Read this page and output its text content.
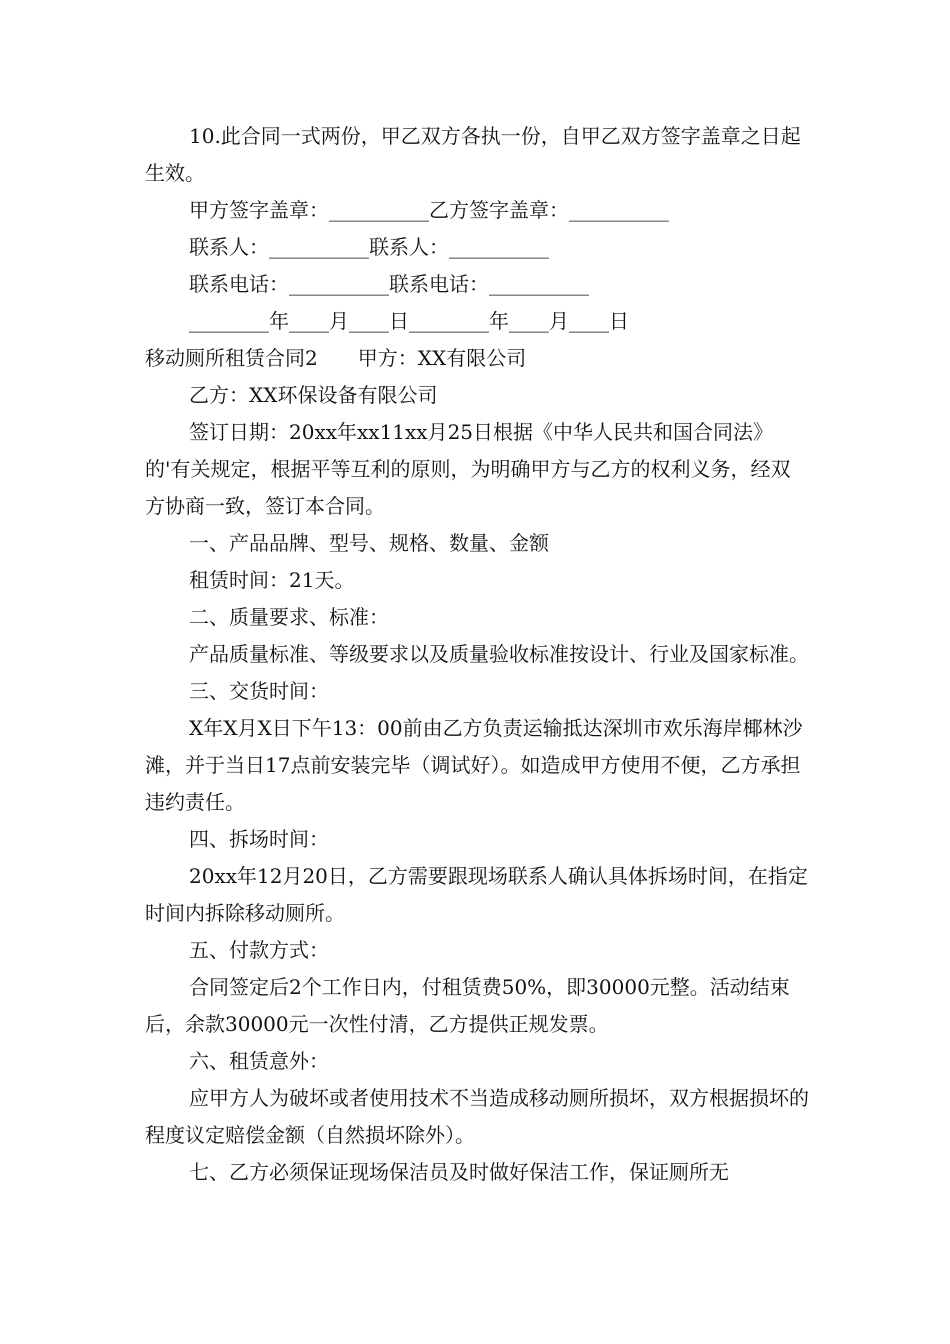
10.此合同一式两份，甲乙双方各执一份，自甲乙双方签字盖章之日起生效。

甲方签字盖章：__________乙方签字盖章：__________

联系人：__________联系人：__________

联系电话：__________联系电话：__________

________年____月____日________年____月____日

移动厕所租赁合同2　　甲方：XX有限公司

乙方：XX环保设备有限公司

签订日期：20xx年xx11xx月25日根据《中华人民共和国合同法》的'有关规定，根据平等互利的原则，为明确甲方与乙方的权利义务，经双方协商一致，签订本合同。

一、产品品牌、型号、规格、数量、金额

租赁时间：21天。

二、质量要求、标准：

产品质量标准、等级要求以及质量验收标准按设计、行业及国家标准。

三、交货时间：

X年X月X日下午13：00前由乙方负责运输抵达深圳市欢乐海岸椰林沙滩，并于当日17点前安装完毕（调试好）。如造成甲方使用不便，乙方承担违约责任。

四、拆场时间：

20xx年12月20日，乙方需要跟现场联系人确认具体拆场时间，在指定时间内拆除移动厕所。

五、付款方式：

合同签定后2个工作日内，付租赁费50%，即30000元整。活动结束后，余款30000元一次性付清，乙方提供正规发票。

六、租赁意外：

应甲方人为破坏或者使用技术不当造成移动厕所损坏，双方根据损坏的程度议定赔偿金额（自然损坏除外）。

七、乙方必须保证现场保洁员及时做好保洁工作，保证厕所无
